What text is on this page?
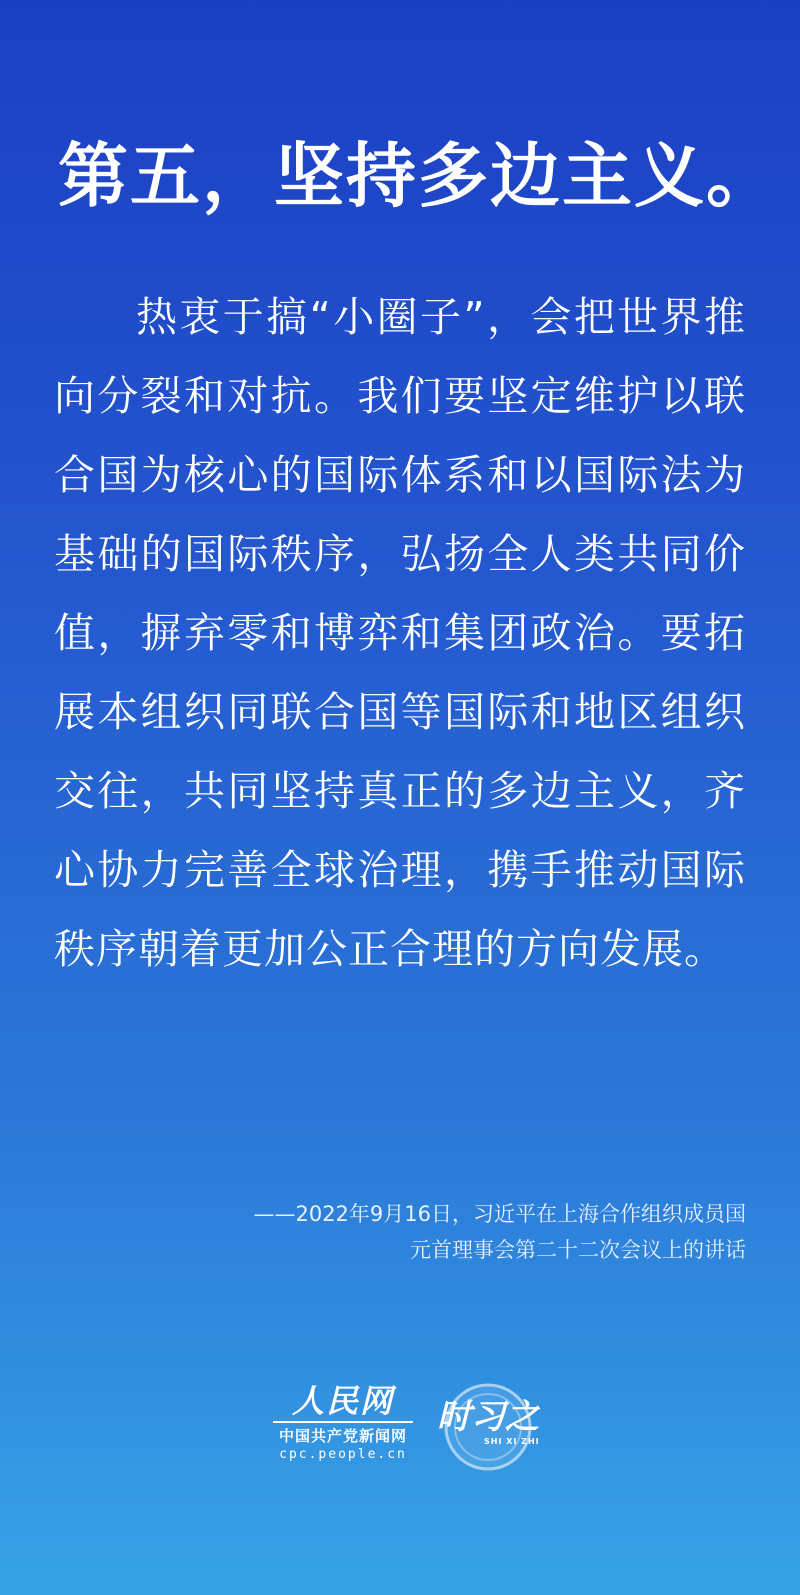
第五，坚持多边主义。
热衷于搞“小圈子”，会把世界推向分裂和对抗。我们要坚定维护以联合国为核心的国际体系和以国际法为基础的国际秩序，弘扬全人类共同价值，摒弃零和博弈和集团政治。要拓展本组织同联合国等国际和地区组织交往，共同坚持真正的多边主义，齐心协力完善全球治理，携手推动国际秩序朝着更加公正合理的方向发展。
——2022年9月16日，习近平在上海合作组织成员国
元首理事会第二十二次会议上的讲话
人民网
中国共产党新闻网
cpc.people.cn
时习之
SHI XI ZHI
